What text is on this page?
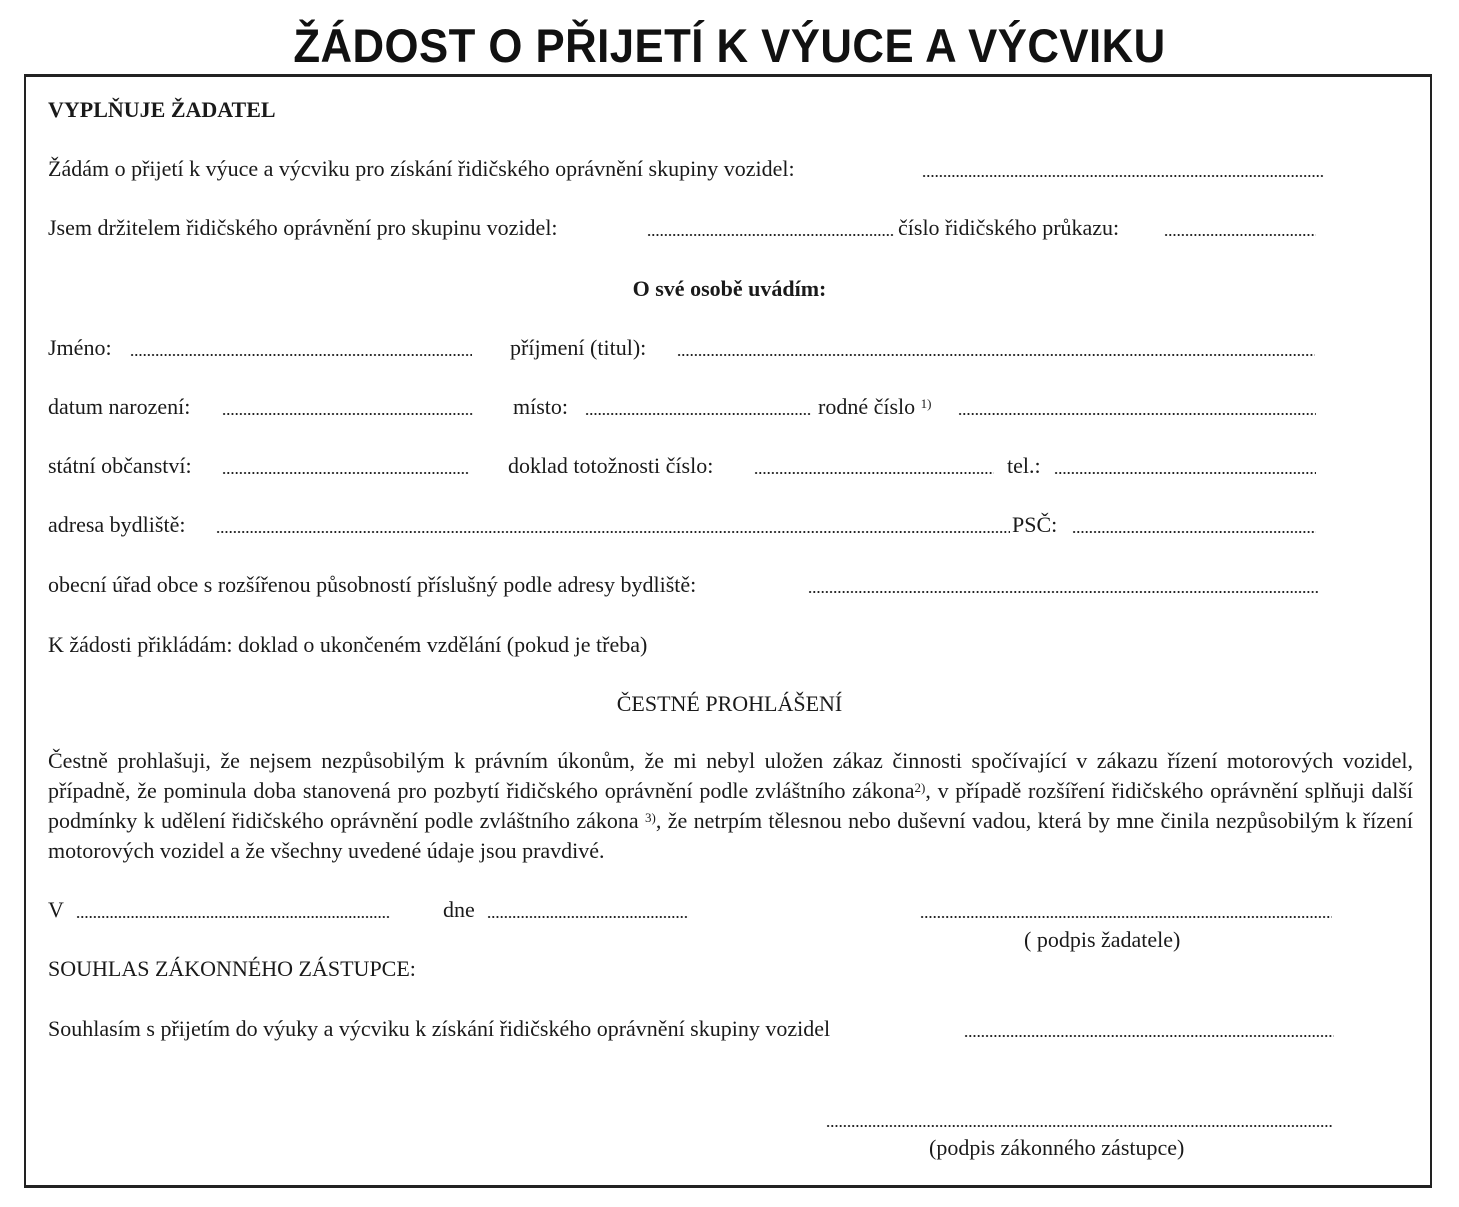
ŽÁDOST O PŘIJETÍ K VÝUCE A VÝCVIKU
VYPLŇUJE ŽADATEL
Žádám o přijetí k výuce a výcviku pro získání řidičského oprávnění skupiny vozidel:
Jsem držitelem řidičského oprávnění pro skupinu vozidel:	číslo řidičského průkazu:
O své osobě uvádím:
Jméno:	příjmení (titul):
datum narození:	místo:	rodné číslo $^{1)}$
státní občanství:	doklad totožnosti číslo:	tel.:
adresa bydliště:	PSČ:
obecní úřad obce s rozšířenou působností příslušný podle adresy bydliště:
K žádosti přikládám: doklad o ukončeném vzdělání (pokud je třeba)
ČESTNÉ PROHLÁŠENÍ
Čestně prohlašuji, že nejsem nezpůsobilým k právním úkonům, že mi nebyl uložen zákaz činnosti spočívající v zákazu řízení motorových vozidel, případně, že pominula doba stanovená pro pozbytí řidičského oprávnění podle zvláštního zákona$^{2)}$, v případě rozšíření řidičského oprávnění splňuji další podmínky k udělení řidičského oprávnění podle zvláštního zákona $^{3)}$, že netrpím tělesnou nebo duševní vadou, která by mne činila nezpůsobilým k řízení motorových vozidel a že všechny uvedené údaje jsou pravdivé.
V	dne
( podpis žadatele)
SOUHLAS ZÁKONNÉHO ZÁSTUPCE:
Souhlasím s přijetím do výuky a výcviku k získání řidičského oprávnění skupiny vozidel
(podpis zákonného zástupce)
